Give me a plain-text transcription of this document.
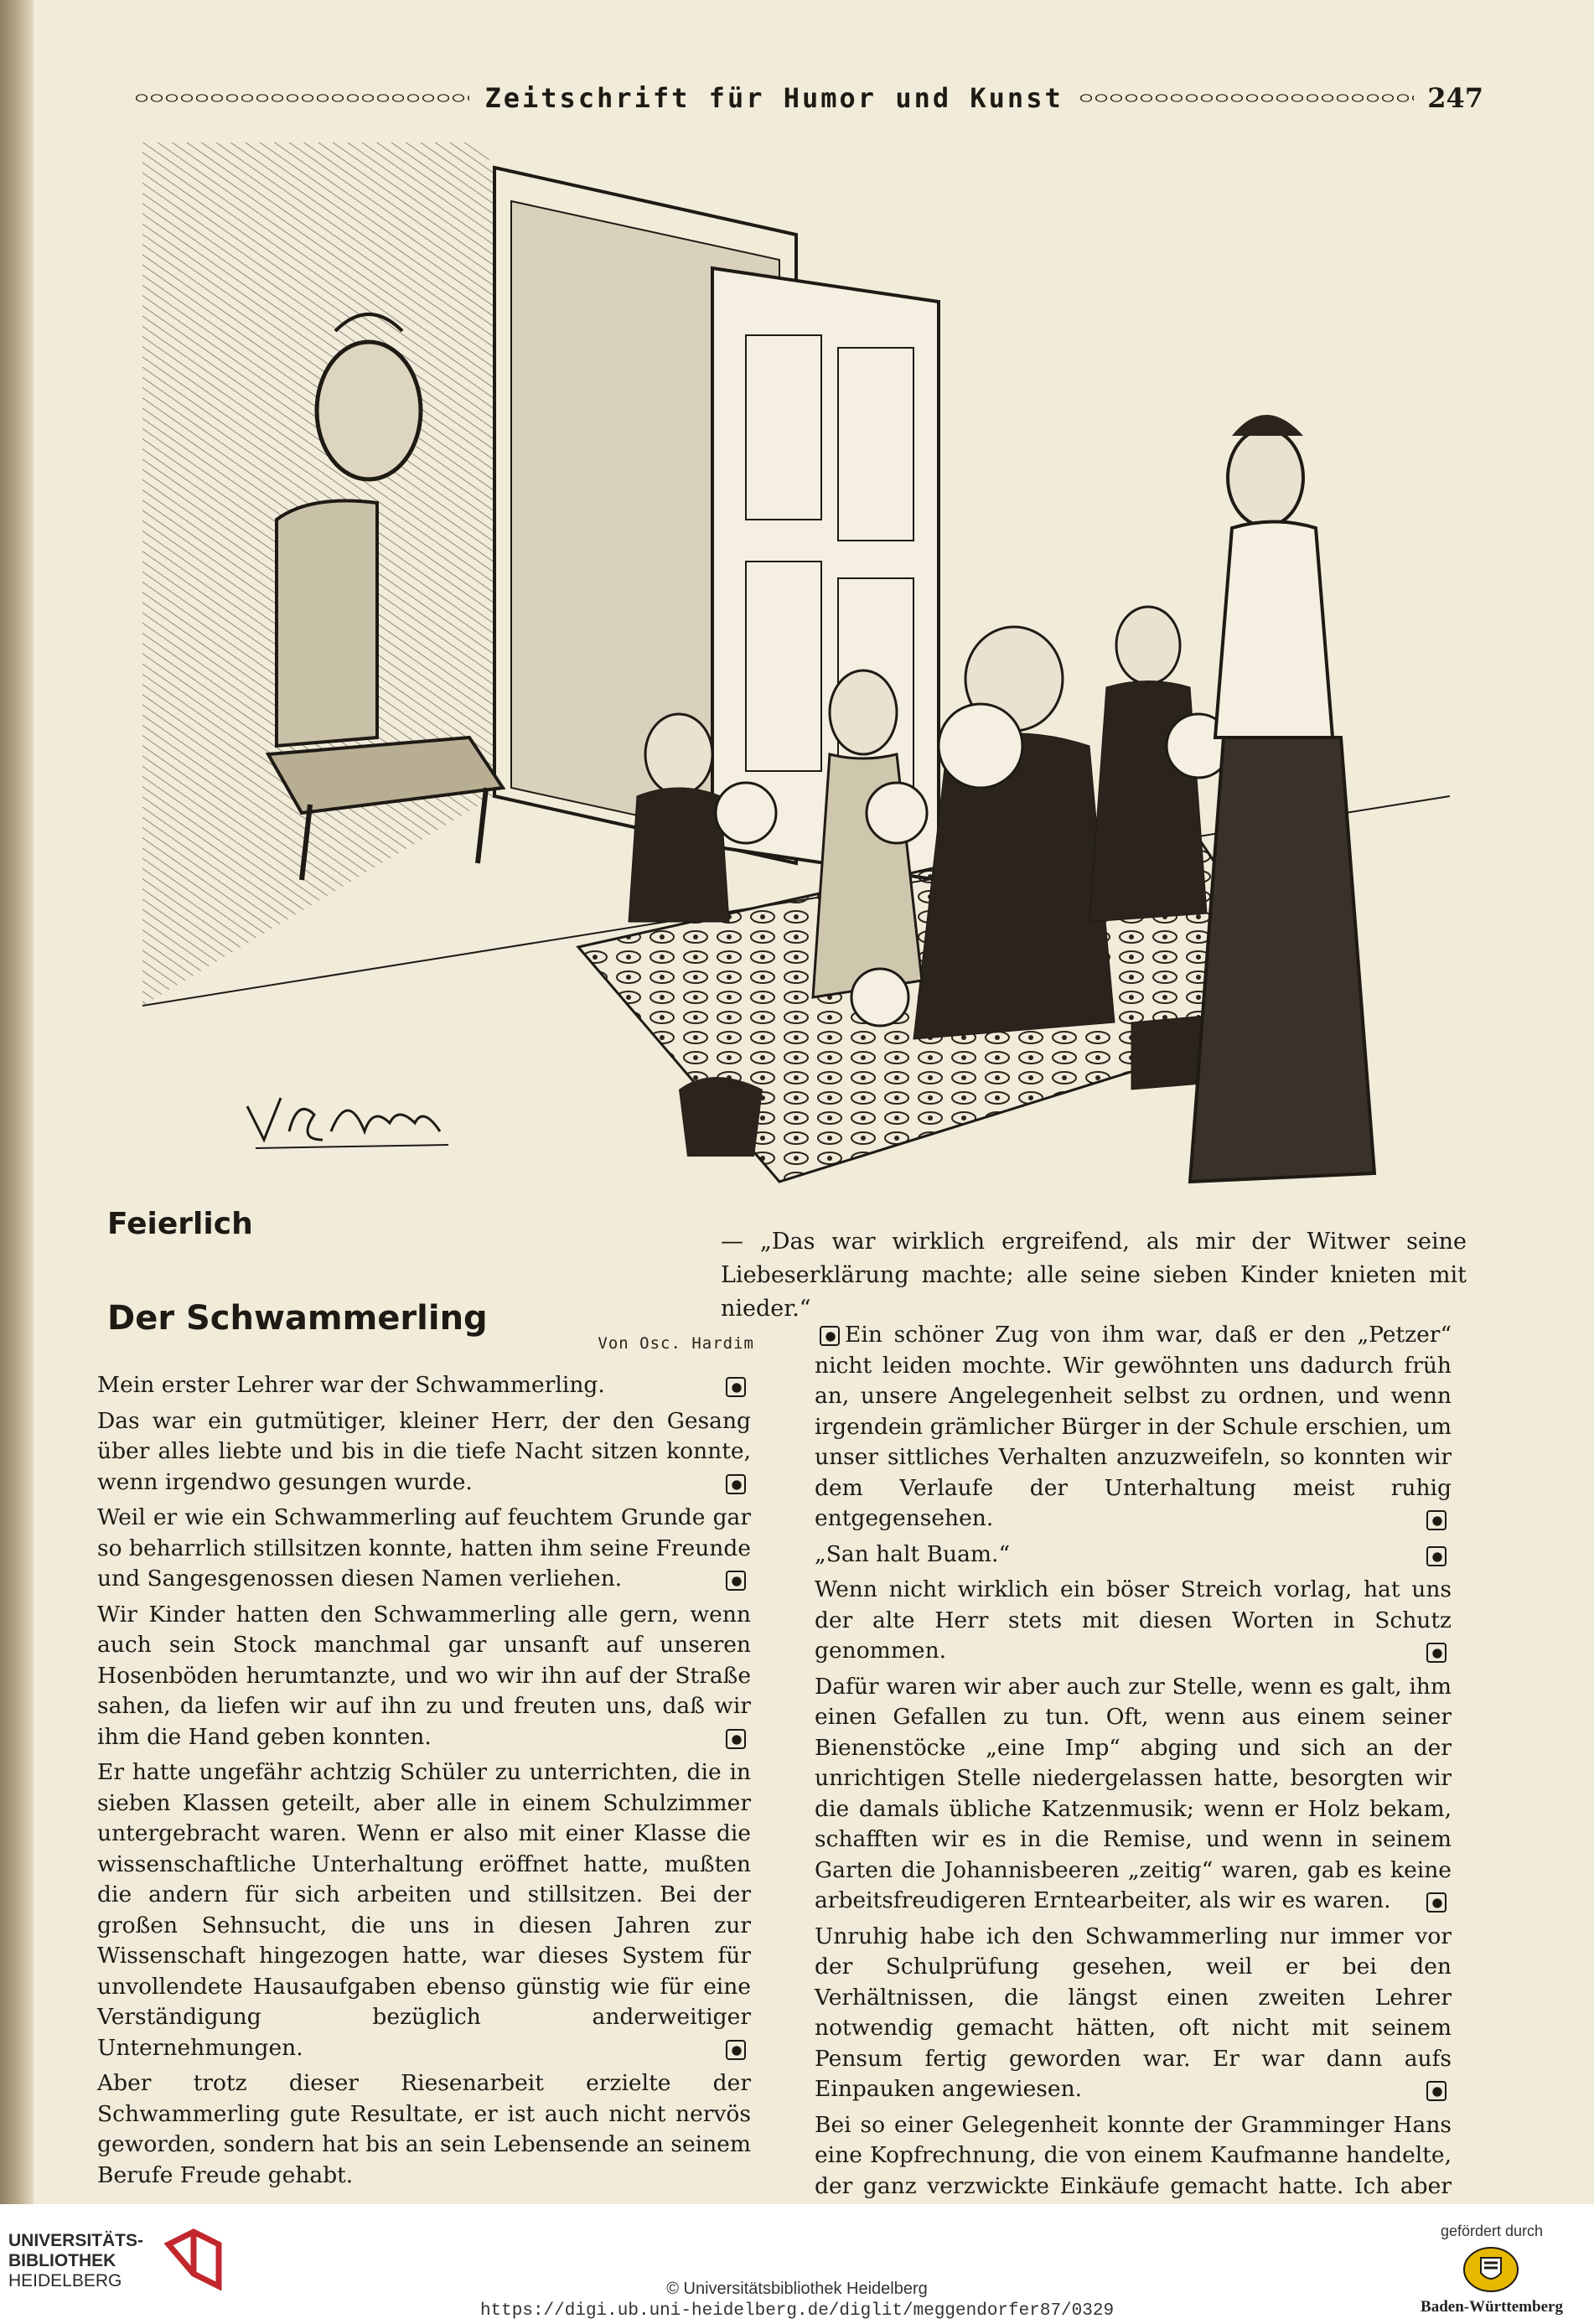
Zeitschrift für Humor und Kunst	247
Feierlich
— „Das war wirklich ergreifend, als mir der Witwer seine Liebeserklärung machte; alle seine sieben Kinder knieten mit nieder.“
Der Schwammerling
Von Osc. Hardim

Mein erster Lehrer war der Schwammerling.

Das war ein gutmütiger, kleiner Herr, der den Gesang über alles liebte und bis in die tiefe Nacht sitzen konnte, wenn irgendwo gesungen wurde.

Weil er wie ein Schwammerling auf feuchtem Grunde gar so beharrlich stillsitzen konnte, hatten ihm seine Freunde und Sangesgenossen diesen Namen verliehen.

Wir Kinder hatten den Schwammerling alle gern, wenn auch sein Stock manchmal gar unsanft auf unseren Hosenböden herumtanzte, und wo wir ihn auf der Straße sahen, da liefen wir auf ihn zu und freuten uns, daß wir ihm die Hand geben konnten.

Er hatte ungefähr achtzig Schüler zu unterrichten, die in sieben Klassen geteilt, aber alle in einem Schulzimmer untergebracht waren. Wenn er also mit einer Klasse die wissenschaftliche Unterhaltung eröffnet hatte, mußten die andern für sich arbeiten und stillsitzen. Bei der großen Sehnsucht, die uns in diesen Jahren zur Wissenschaft hingezogen hatte, war dieses System für unvollendete Hausaufgaben ebenso günstig wie für eine Verständigung bezüglich anderweitiger Unternehmungen.

Aber trotz dieser Riesenarbeit erzielte der Schwammerling gute Resultate, er ist auch nicht nervös geworden, sondern hat bis an sein Lebensende an seinem Berufe Freude gehabt.

Ein schöner Zug von ihm war, daß er den „Petzer“ nicht leiden mochte. Wir gewöhnten uns dadurch früh an, unsere Angelegenheit selbst zu ordnen, und wenn irgendein grämlicher Bürger in der Schule erschien, um unser sittliches Verhalten anzuzweifeln, so konnten wir dem Verlaufe der Unterhaltung meist ruhig entgegensehen.

„San halt Buam.“

Wenn nicht wirklich ein böser Streich vorlag, hat uns der alte Herr stets mit diesen Worten in Schutz genommen.

Dafür waren wir aber auch zur Stelle, wenn es galt, ihm einen Gefallen zu tun. Oft, wenn aus einem seiner Bienenstöcke „eine Imp“ abging und sich an der unrichtigen Stelle niedergelassen hatte, besorgten wir die damals übliche Katzenmusik; wenn er Holz bekam, schafften wir es in die Remise, und wenn in seinem Garten die Johannisbeeren „zeitig“ waren, gab es keine arbeitsfreudigeren Erntearbeiter, als wir es waren.

Unruhig habe ich den Schwammerling nur immer vor der Schulprüfung gesehen, weil er bei den Verhältnissen, die längst einen zweiten Lehrer notwendig gemacht hätten, oft nicht mit seinem Pensum fertig geworden war. Er war dann aufs Einpauken angewiesen.

Bei so einer Gelegenheit konnte der Gramminger Hans eine Kopfrechnung, die von einem Kaufmanne handelte, der ganz verzwickte Einkäufe gemacht hatte. Ich aber

UNIVERSITÄTS-
BIBLIOTHEK
HEIDELBERG	© Universitätsbibliothek Heidelberg
https://digi.ub.uni-heidelberg.de/diglit/meggendorfer87/0329
gefördert durch
Baden-Württemberg
